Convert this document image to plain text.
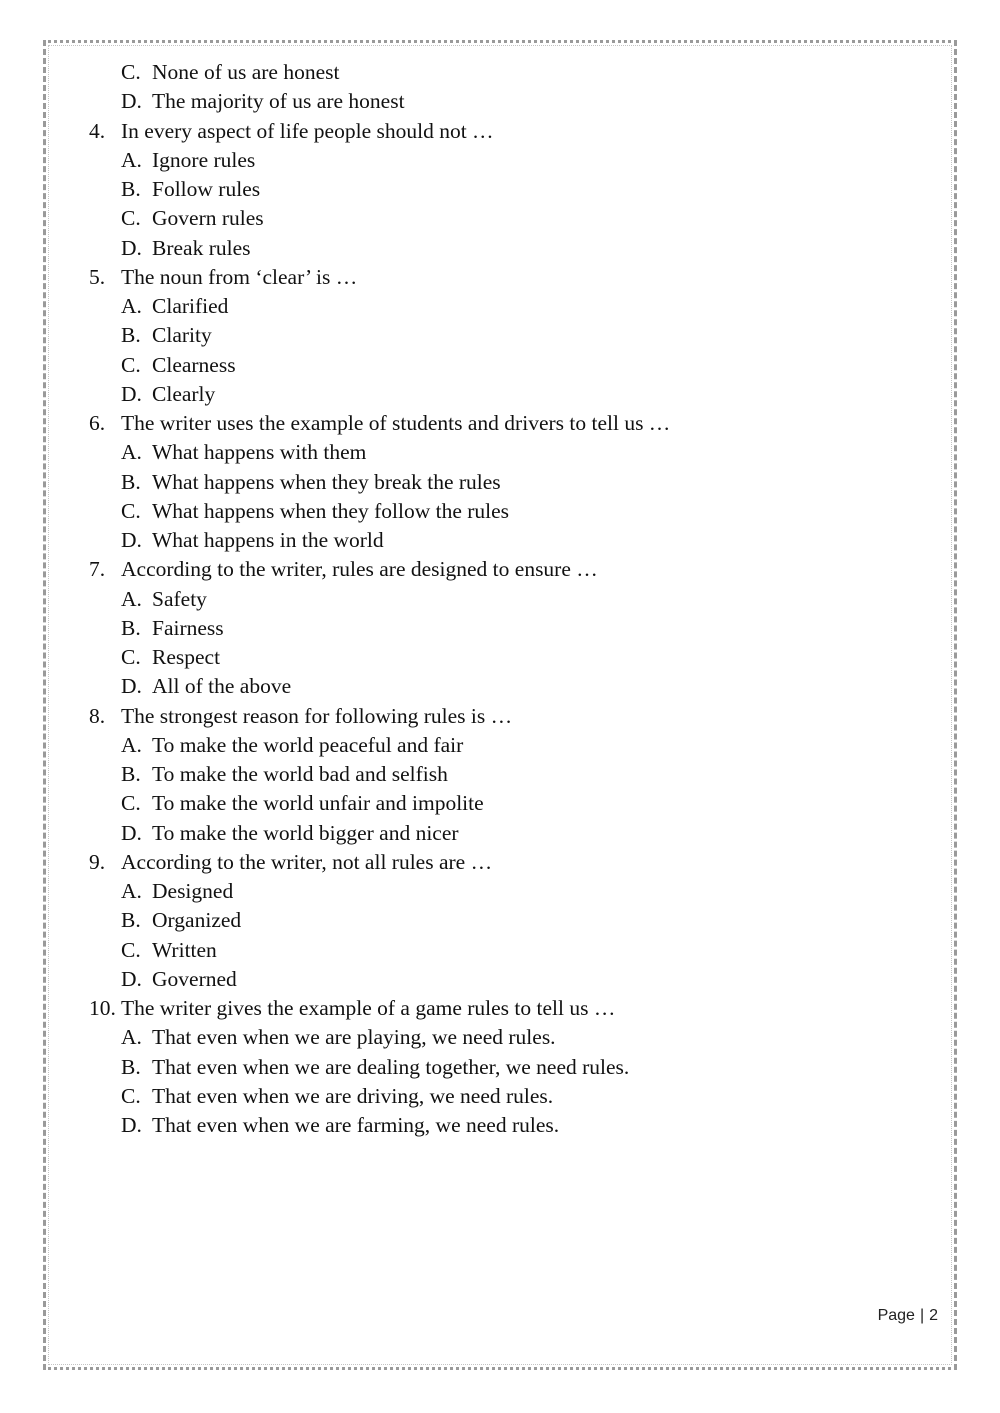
C. None of us are honest
D. The majority of us are honest
4. In every aspect of life people should not …
A. Ignore rules
B. Follow rules
C. Govern rules
D. Break rules
5. The noun from ‘clear’ is …
A. Clarified
B. Clarity
C. Clearness
D. Clearly
6. The writer uses the example of students and drivers to tell us …
A. What happens with them
B. What happens when they break the rules
C. What happens when they follow the rules
D. What happens in the world
7. According to the writer, rules are designed to ensure …
A. Safety
B. Fairness
C. Respect
D. All of the above
8. The strongest reason for following rules is …
A. To make the world peaceful and fair
B. To make the world bad and selfish
C. To make the world unfair and impolite
D. To make the world bigger and nicer
9. According to the writer, not all rules are …
A. Designed
B. Organized
C. Written
D. Governed
10. The writer gives the example of a game rules to tell us …
A. That even when we are playing, we need rules.
B. That even when we are dealing together, we need rules.
C. That even when we are driving, we need rules.
D. That even when we are farming, we need rules.
Page | 2
